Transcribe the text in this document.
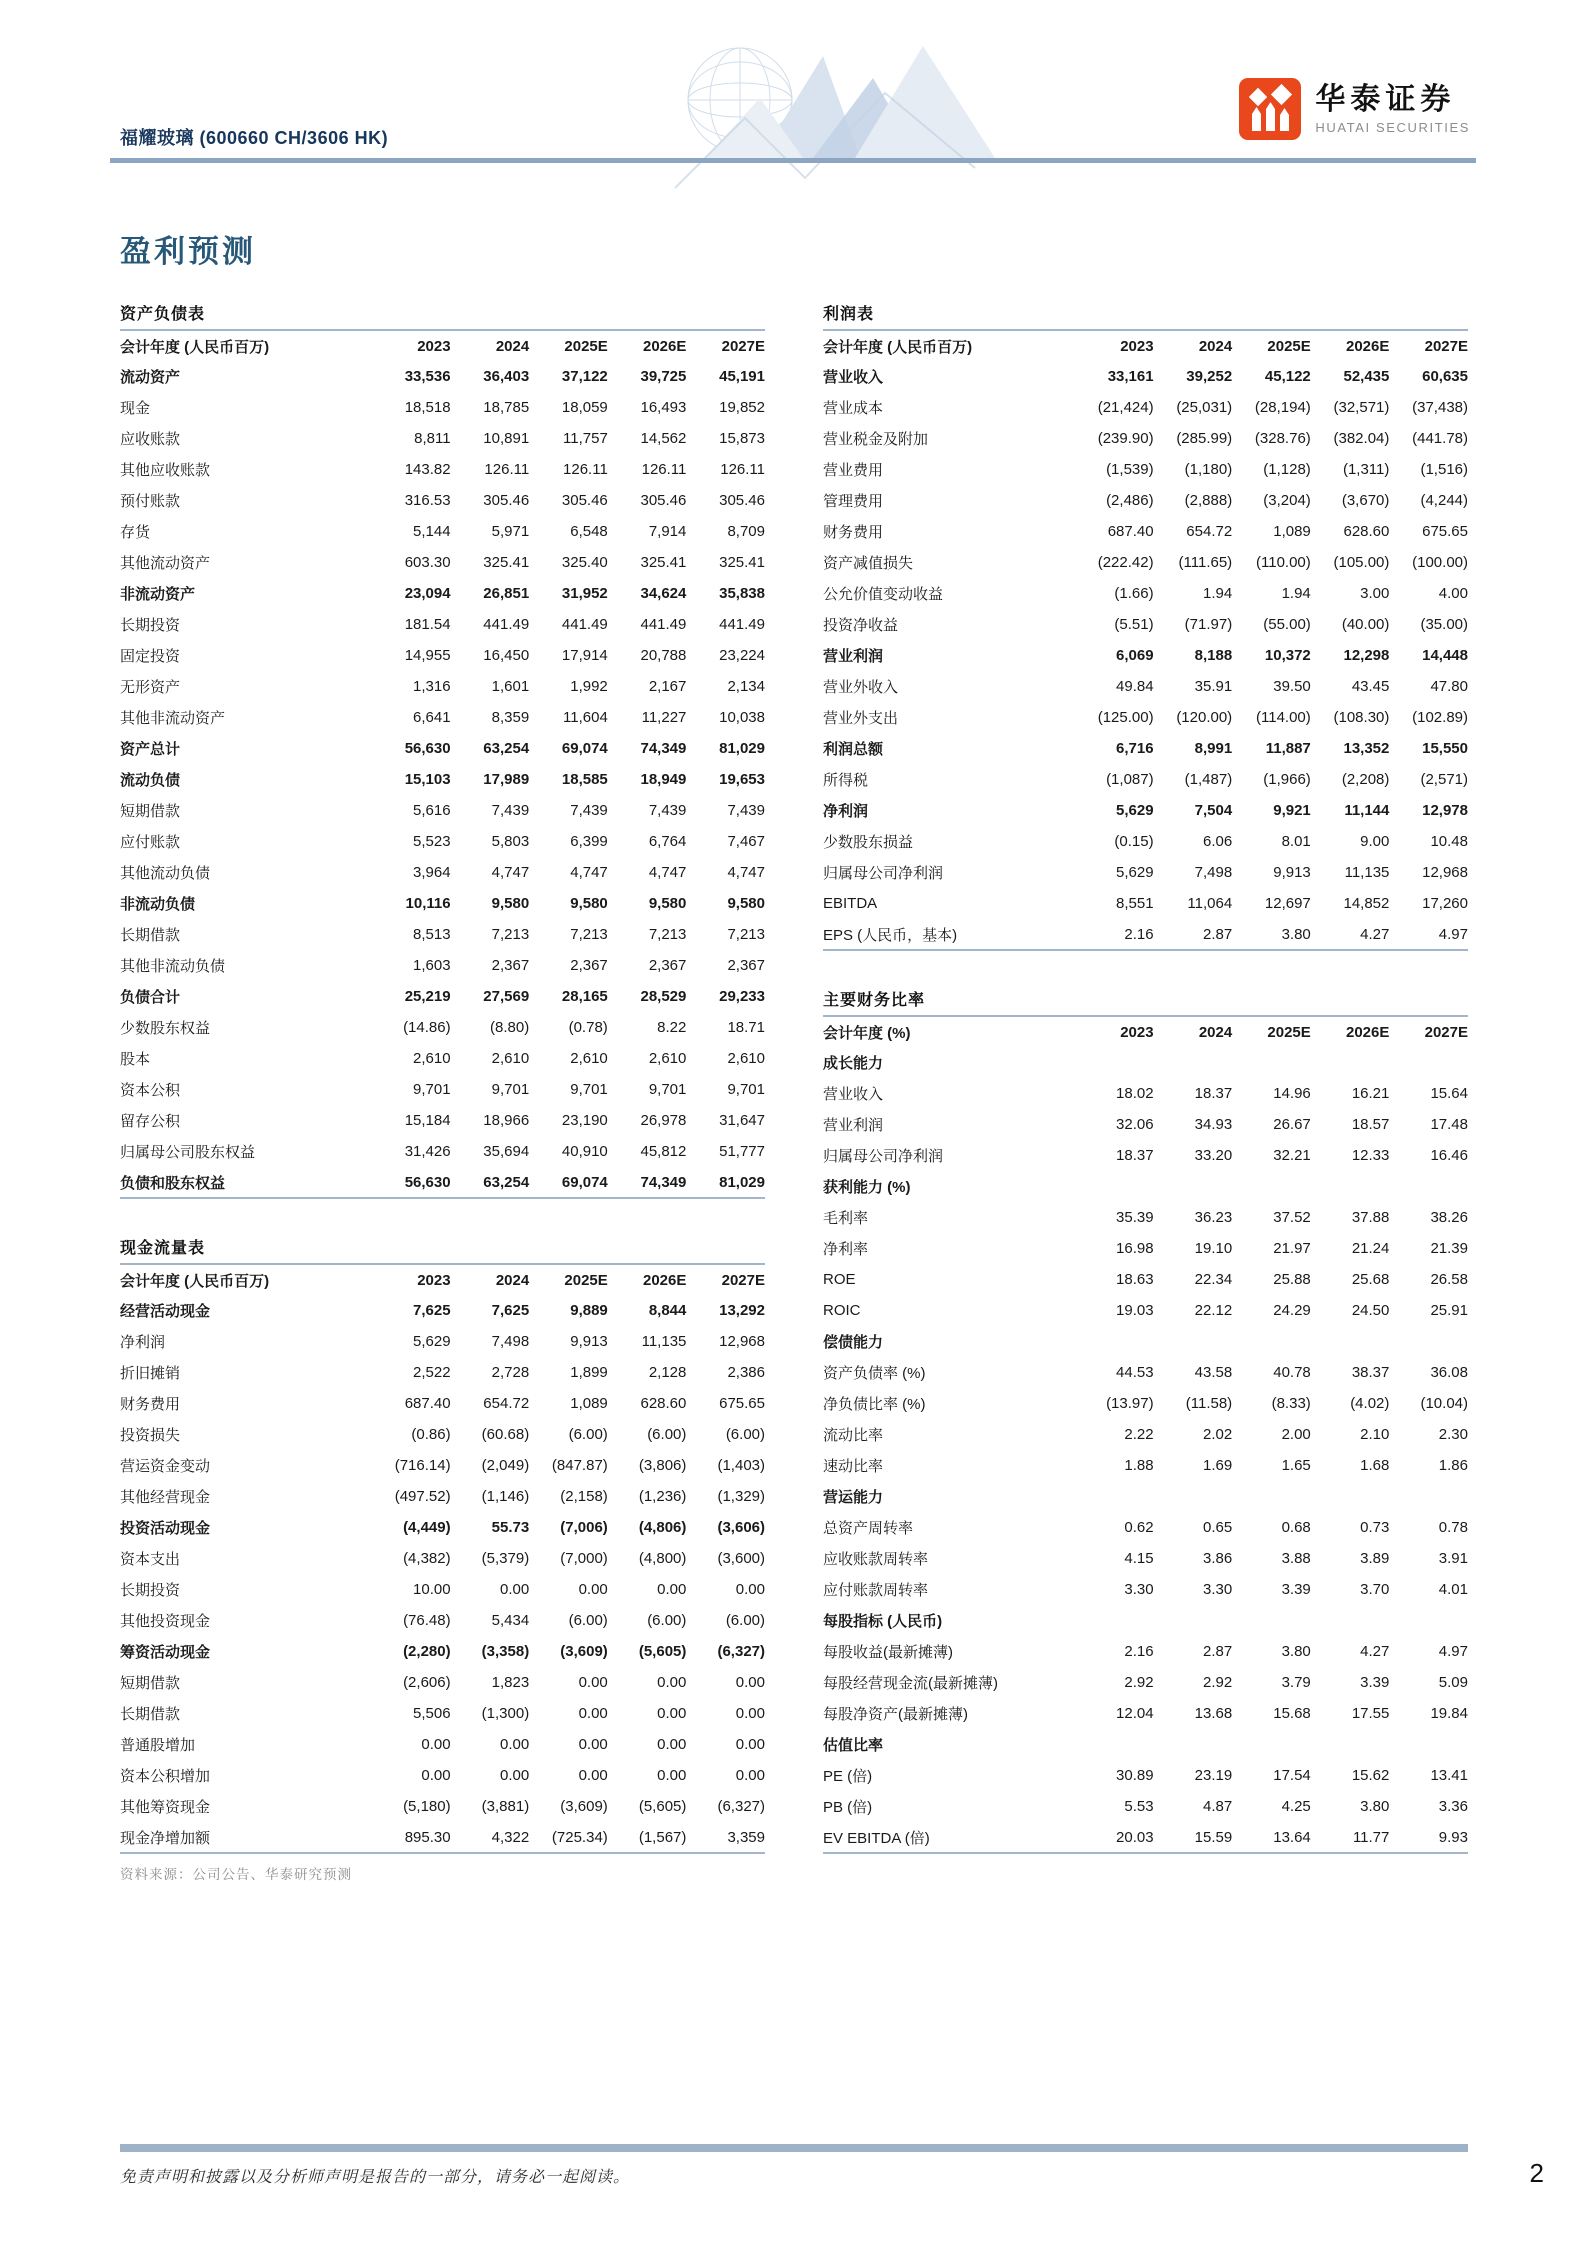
福耀玻璃 (600660 CH/3606 HK)
华泰证券
HUATAI SECURITIES
盈利预测
资产负债表
会计年度 (人民币百万)	2023	2024	2025E	2026E	2027E
流动资产	33,536	36,403	37,122	39,725	45,191
现金	18,518	18,785	18,059	16,493	19,852
应收账款	8,811	10,891	11,757	14,562	15,873
其他应收账款	143.82	126.11	126.11	126.11	126.11
预付账款	316.53	305.46	305.46	305.46	305.46
存货	5,144	5,971	6,548	7,914	8,709
其他流动资产	603.30	325.41	325.40	325.41	325.41
非流动资产	23,094	26,851	31,952	34,624	35,838
长期投资	181.54	441.49	441.49	441.49	441.49
固定投资	14,955	16,450	17,914	20,788	23,224
无形资产	1,316	1,601	1,992	2,167	2,134
其他非流动资产	6,641	8,359	11,604	11,227	10,038
资产总计	56,630	63,254	69,074	74,349	81,029
流动负债	15,103	17,989	18,585	18,949	19,653
短期借款	5,616	7,439	7,439	7,439	7,439
应付账款	5,523	5,803	6,399	6,764	7,467
其他流动负债	3,964	4,747	4,747	4,747	4,747
非流动负债	10,116	9,580	9,580	9,580	9,580
长期借款	8,513	7,213	7,213	7,213	7,213
其他非流动负债	1,603	2,367	2,367	2,367	2,367
负债合计	25,219	27,569	28,165	28,529	29,233
少数股东权益	(14.86)	(8.80)	(0.78)	8.22	18.71
股本	2,610	2,610	2,610	2,610	2,610
资本公积	9,701	9,701	9,701	9,701	9,701
留存公积	15,184	18,966	23,190	26,978	31,647
归属母公司股东权益	31,426	35,694	40,910	45,812	51,777
负债和股东权益	56,630	63,254	69,074	74,349	81,029
现金流量表
会计年度 (人民币百万)	2023	2024	2025E	2026E	2027E
经营活动现金	7,625	7,625	9,889	8,844	13,292
净利润	5,629	7,498	9,913	11,135	12,968
折旧摊销	2,522	2,728	1,899	2,128	2,386
财务费用	687.40	654.72	1,089	628.60	675.65
投资损失	(0.86)	(60.68)	(6.00)	(6.00)	(6.00)
营运资金变动	(716.14)	(2,049)	(847.87)	(3,806)	(1,403)
其他经营现金	(497.52)	(1,146)	(2,158)	(1,236)	(1,329)
投资活动现金	(4,449)	55.73	(7,006)	(4,806)	(3,606)
资本支出	(4,382)	(5,379)	(7,000)	(4,800)	(3,600)
长期投资	10.00	0.00	0.00	0.00	0.00
其他投资现金	(76.48)	5,434	(6.00)	(6.00)	(6.00)
筹资活动现金	(2,280)	(3,358)	(3,609)	(5,605)	(6,327)
短期借款	(2,606)	1,823	0.00	0.00	0.00
长期借款	5,506	(1,300)	0.00	0.00	0.00
普通股增加	0.00	0.00	0.00	0.00	0.00
资本公积增加	0.00	0.00	0.00	0.00	0.00
其他筹资现金	(5,180)	(3,881)	(3,609)	(5,605)	(6,327)
现金净增加额	895.30	4,322	(725.34)	(1,567)	3,359
资料来源：公司公告、华泰研究预测
利润表
会计年度 (人民币百万)	2023	2024	2025E	2026E	2027E
营业收入	33,161	39,252	45,122	52,435	60,635
营业成本	(21,424)	(25,031)	(28,194)	(32,571)	(37,438)
营业税金及附加	(239.90)	(285.99)	(328.76)	(382.04)	(441.78)
营业费用	(1,539)	(1,180)	(1,128)	(1,311)	(1,516)
管理费用	(2,486)	(2,888)	(3,204)	(3,670)	(4,244)
财务费用	687.40	654.72	1,089	628.60	675.65
资产减值损失	(222.42)	(111.65)	(110.00)	(105.00)	(100.00)
公允价值变动收益	(1.66)	1.94	1.94	3.00	4.00
投资净收益	(5.51)	(71.97)	(55.00)	(40.00)	(35.00)
营业利润	6,069	8,188	10,372	12,298	14,448
营业外收入	49.84	35.91	39.50	43.45	47.80
营业外支出	(125.00)	(120.00)	(114.00)	(108.30)	(102.89)
利润总额	6,716	8,991	11,887	13,352	15,550
所得税	(1,087)	(1,487)	(1,966)	(2,208)	(2,571)
净利润	5,629	7,504	9,921	11,144	12,978
少数股东损益	(0.15)	6.06	8.01	9.00	10.48
归属母公司净利润	5,629	7,498	9,913	11,135	12,968
EBITDA	8,551	11,064	12,697	14,852	17,260
EPS (人民币，基本)	2.16	2.87	3.80	4.27	4.97
主要财务比率
会计年度 (%)	2023	2024	2025E	2026E	2027E
成长能力					
营业收入	18.02	18.37	14.96	16.21	15.64
营业利润	32.06	34.93	26.67	18.57	17.48
归属母公司净利润	18.37	33.20	32.21	12.33	16.46
获利能力 (%)					
毛利率	35.39	36.23	37.52	37.88	38.26
净利率	16.98	19.10	21.97	21.24	21.39
ROE	18.63	22.34	25.88	25.68	26.58
ROIC	19.03	22.12	24.29	24.50	25.91
偿债能力					
资产负债率 (%)	44.53	43.58	40.78	38.37	36.08
净负债比率 (%)	(13.97)	(11.58)	(8.33)	(4.02)	(10.04)
流动比率	2.22	2.02	2.00	2.10	2.30
速动比率	1.88	1.69	1.65	1.68	1.86
营运能力					
总资产周转率	0.62	0.65	0.68	0.73	0.78
应收账款周转率	4.15	3.86	3.88	3.89	3.91
应付账款周转率	3.30	3.30	3.39	3.70	4.01
每股指标 (人民币)					
每股收益(最新摊薄)	2.16	2.87	3.80	4.27	4.97
每股经营现金流(最新摊薄)	2.92	2.92	3.79	3.39	5.09
每股净资产(最新摊薄)	12.04	13.68	15.68	17.55	19.84
估值比率					
PE (倍)	30.89	23.19	17.54	15.62	13.41
PB (倍)	5.53	4.87	4.25	3.80	3.36
EV EBITDA (倍)	20.03	15.59	13.64	11.77	9.93
免责声明和披露以及分析师声明是报告的一部分，请务必一起阅读。	2
